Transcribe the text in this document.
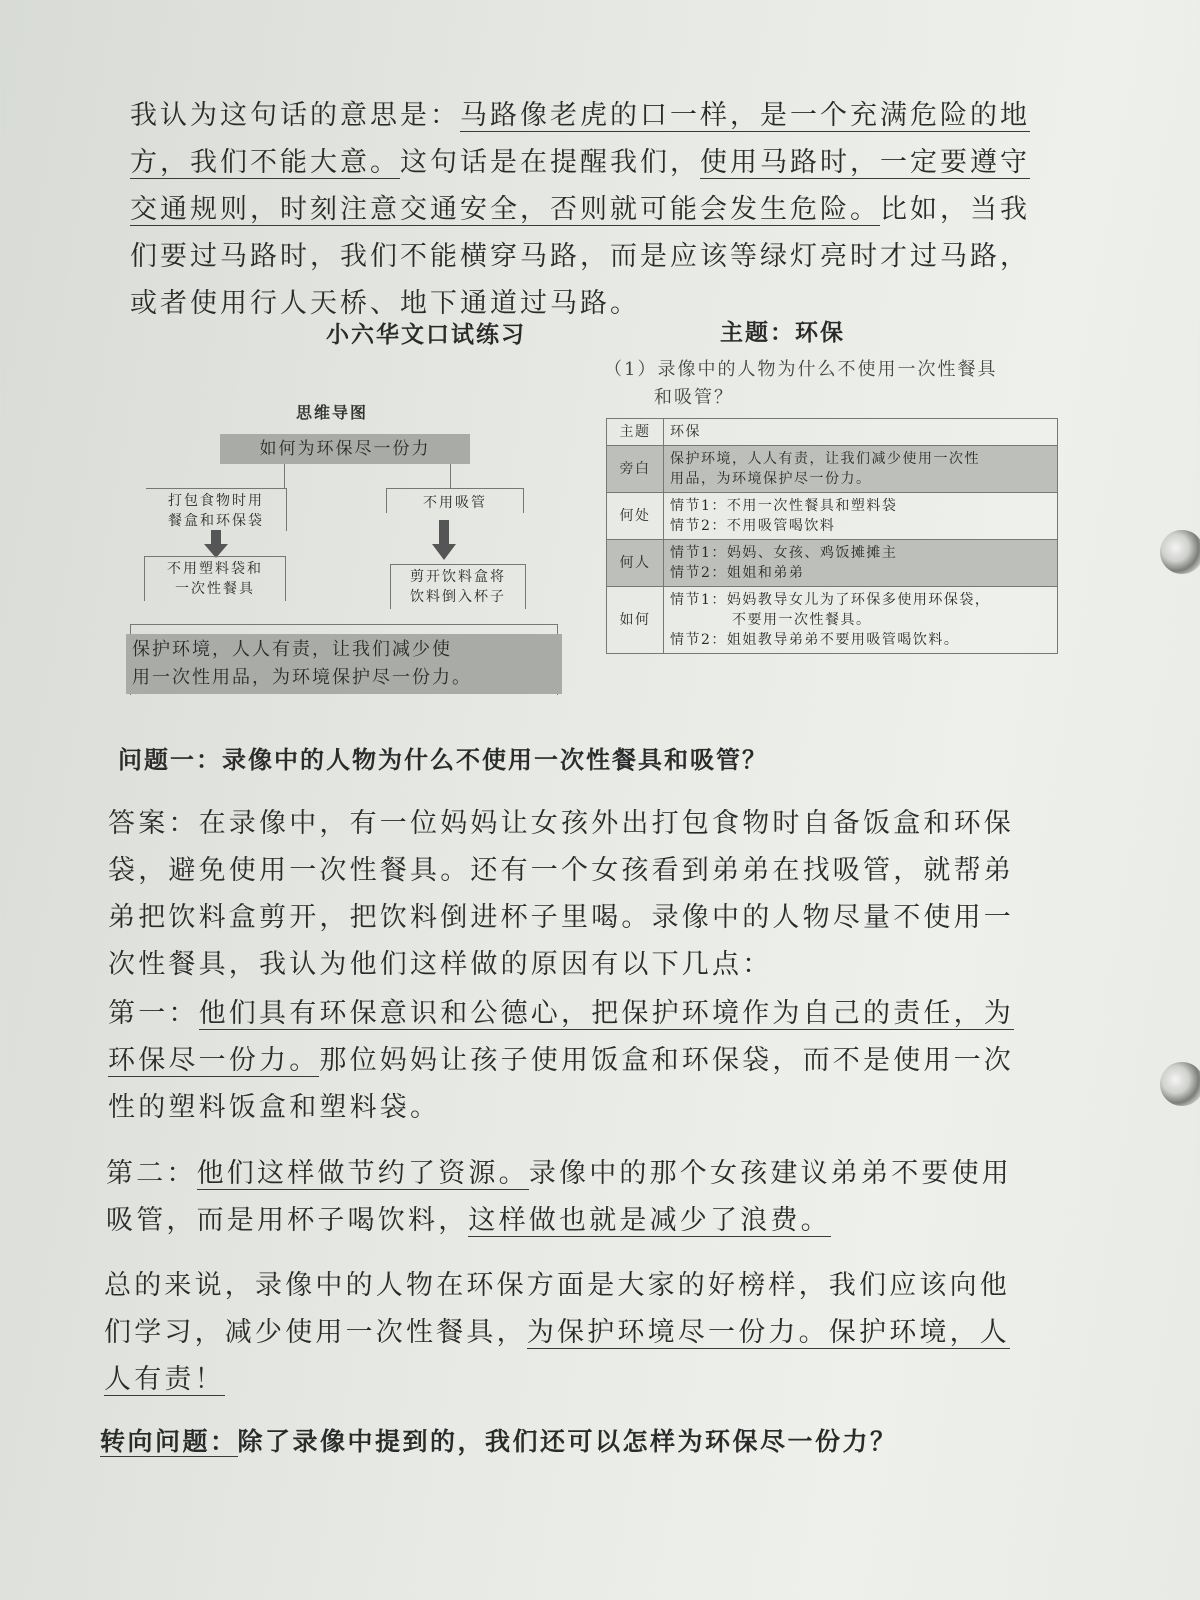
我认为这句话的意思是：马路像老虎的口一样，是一个充满危险的地
方，我们不能大意。这句话是在提醒我们，使用马路时，一定要遵守
交通规则，时刻注意交通安全，否则就可能会发生危险。比如，当我
们要过马路时，我们不能横穿马路，而是应该等绿灯亮时才过马路，
或者使用行人天桥、地下通道过马路。
小六华文口试练习	主题：环保
思维导图
如何为环保尽一份力
打包食物时用
餐盒和环保袋
不用吸管
不用塑料袋和
一次性餐具
剪开饮料盒将
饮料倒入杯子
保护环境，人人有责，让我们减少使
用一次性用品，为环境保护尽一份力。
（1）录像中的人物为什么不使用一次性餐具
和吸管？
主题	环保

旁白	保护环境，人人有责，让我们减少使用一次性
用品，为环境保护尽一份力。

何处	情节1：不用一次性餐具和塑料袋
情节2：不用吸管喝饮料

何人	情节1：妈妈、女孩、鸡饭摊摊主
情节2：姐姐和弟弟

如何	情节1：妈妈教导女儿为了环保多使用环保袋，
　　　　不要用一次性餐具。
情节2：姐姐教导弟弟不要用吸管喝饮料。
问题一：录像中的人物为什么不使用一次性餐具和吸管？
答案：在录像中，有一位妈妈让女孩外出打包食物时自备饭盒和环保
袋，避免使用一次性餐具。还有一个女孩看到弟弟在找吸管，就帮弟
弟把饮料盒剪开，把饮料倒进杯子里喝。录像中的人物尽量不使用一
次性餐具，我认为他们这样做的原因有以下几点：
第一：他们具有环保意识和公德心，把保护环境作为自己的责任，为
环保尽一份力。那位妈妈让孩子使用饭盒和环保袋，而不是使用一次
性的塑料饭盒和塑料袋。
第二：他们这样做节约了资源。录像中的那个女孩建议弟弟不要使用
吸管，而是用杯子喝饮料，这样做也就是减少了浪费。
总的来说，录像中的人物在环保方面是大家的好榜样，我们应该向他
们学习，减少使用一次性餐具，为保护环境尽一份力。保护环境，人
人有责！
转向问题：除了录像中提到的，我们还可以怎样为环保尽一份力？
